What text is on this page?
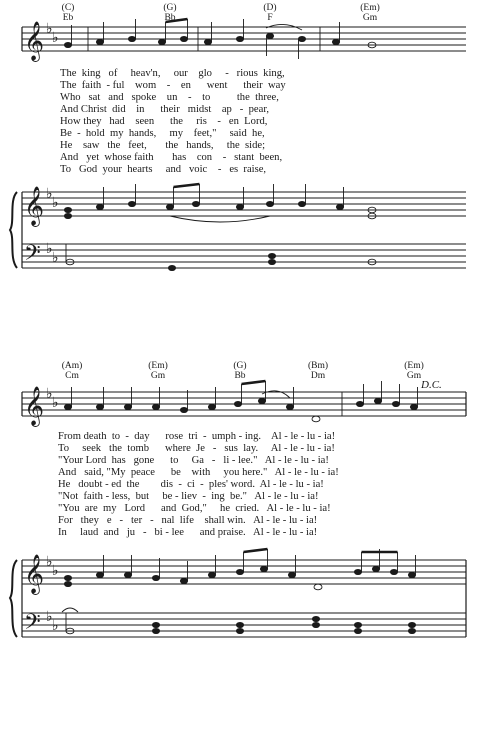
𝄞
𝄞
𝄢
𝄞
𝄞
𝄢
♭
♭
♭
♭
♭
♭
♭
♭
♭
♭
♭
♭
(C)
Eb
(G)
Bb
(D)
F
(Em)
Gm
The  king   of     heav'n,     our    glo     -   rious  king,
The  faith  - ful    wom    -    en      went      their  way
Who   sat   and   spoke    un    -    to          the  three,
And Christ  did    in      their   midst    ap   -  pear,
How they   had    seen      the     ris    -   en  Lord,
Be  -  hold  my  hands,     my    feet,"     said  he,
He    saw   the   feet,       the   hands,     the  side;
And   yet  whose faith       has    con    -   stant  been,
To   God  your  hearts     and   voic    -   es  raise,
(Am)
Cm
(Em)
Gm
(G)
Bb
(Bm)
Dm
(Em)
Gm
D.C.
From death  to  -  day      rose  tri  -  umph - ing.    Al - le - lu - ia!
To     seek   the  tomb      where  Je   -   sus  lay.     Al - le - lu - ia!
"Your Lord  has   gone      to     Ga   -   li - lee."   Al - le - lu - ia!
And   said, "My  peace      be    with     you here."   Al - le - lu - ia!
He   doubt - ed  the        dis  -  ci  -  ples' word.  Al - le - lu - ia!
"Not  faith - less,  but     be - liev  -  ing  be."   Al - le - lu - ia!
"You  are  my   Lord      and  God,"     he  cried.   Al - le - lu - ia!
For   they   e   -   ter   -   nal  life    shall win.   Al - le - lu - ia!
In     laud  and   ju   -   bi - lee      and praise.   Al - le - lu - ia!
